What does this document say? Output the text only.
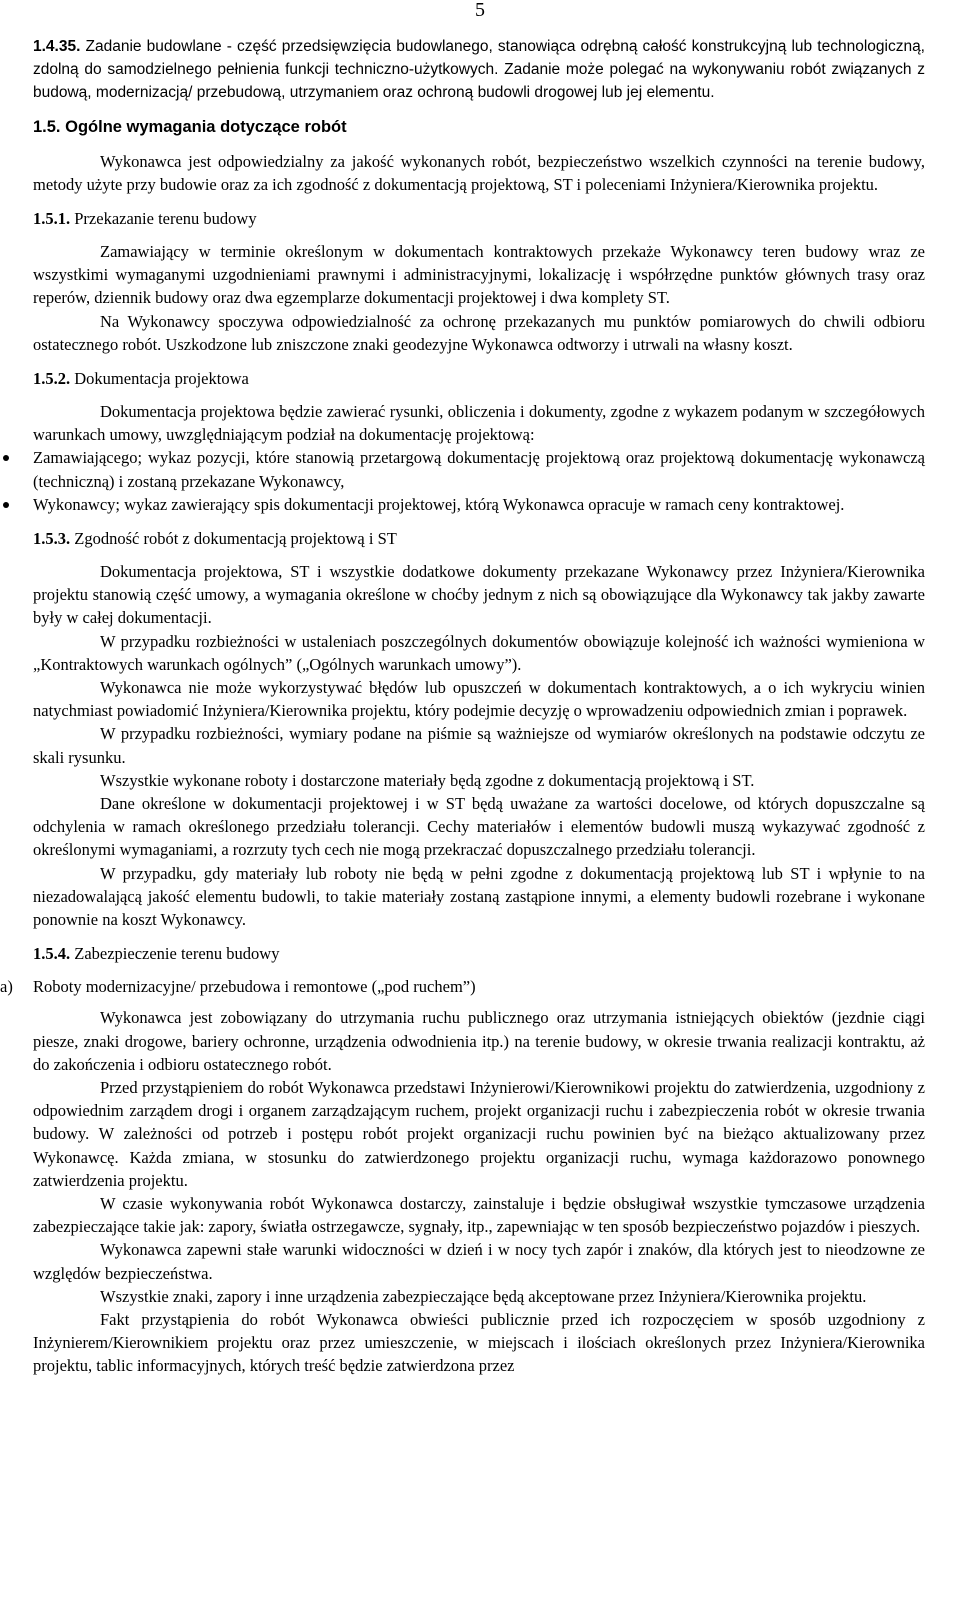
5

1.4.35. Zadanie budowlane - część przedsięwzięcia budowlanego, stanowiąca odrębną całość konstrukcyjną lub technologiczną, zdolną do samodzielnego pełnienia funkcji techniczno-użytkowych. Zadanie może polegać na wykonywaniu robót związanych z budową, modernizacją/ przebudową, utrzymaniem oraz ochroną budowli drogowej lub jej elementu.

1.5. Ogólne wymagania dotyczące robót

Wykonawca jest odpowiedzialny za jakość wykonanych robót, bezpieczeństwo wszelkich czynności na terenie budowy, metody użyte przy budowie oraz za ich zgodność z dokumentacją projektową, ST i poleceniami Inżyniera/Kierownika projektu.

1.5.1. Przekazanie terenu budowy

Zamawiający w terminie określonym w dokumentach kontraktowych przekaże Wykonawcy teren budowy wraz ze wszystkimi wymaganymi uzgodnieniami prawnymi i administracyjnymi, lokalizację i współrzędne punktów głównych trasy oraz reperów, dziennik budowy oraz dwa egzemplarze dokumentacji projektowej i dwa komplety ST.

Na Wykonawcy spoczywa odpowiedzialność za ochronę przekazanych mu punktów pomiarowych do chwili odbioru ostatecznego robót. Uszkodzone lub zniszczone znaki geodezyjne Wykonawca odtworzy i utrwali na własny koszt.

1.5.2. Dokumentacja projektowa

Dokumentacja projektowa będzie zawierać rysunki, obliczenia i dokumenty, zgodne z wykazem podanym w szczegółowych warunkach umowy, uwzględniającym podział na dokumentację projektową:

Zamawiającego; wykaz pozycji, które stanowią przetargową dokumentację projektową oraz projektową dokumentację wykonawczą (techniczną) i zostaną przekazane Wykonawcy,
Wykonawcy; wykaz zawierający spis dokumentacji projektowej, którą Wykonawca opracuje w ramach ceny kontraktowej.
1.5.3. Zgodność robót z dokumentacją projektową i ST

Dokumentacja projektowa, ST i wszystkie dodatkowe dokumenty przekazane Wykonawcy przez Inżyniera/Kierownika projektu stanowią część umowy, a wymagania określone w choćby jednym z nich są obowiązujące dla Wykonawcy tak jakby zawarte były w całej dokumentacji.

W przypadku rozbieżności w ustaleniach poszczególnych dokumentów obowiązuje kolejność ich ważności wymieniona w „Kontraktowych warunkach ogólnych” („Ogólnych warunkach umowy”).

Wykonawca nie może wykorzystywać błędów lub opuszczeń w dokumentach kontraktowych, a o ich wykryciu winien natychmiast powiadomić Inżyniera/Kierownika projektu, który podejmie decyzję o wprowadzeniu odpowiednich zmian i poprawek.

W przypadku rozbieżności, wymiary podane na piśmie są ważniejsze od wymiarów określonych na podstawie odczytu ze skali rysunku.

Wszystkie wykonane roboty i dostarczone materiały będą zgodne z dokumentacją projektową i ST.

Dane określone w dokumentacji projektowej i w ST będą uważane za wartości docelowe, od których dopuszczalne są odchylenia w ramach określonego przedziału tolerancji. Cechy materiałów i elementów budowli muszą wykazywać zgodność z określonymi wymaganiami, a rozrzuty tych cech nie mogą przekraczać dopuszczalnego przedziału tolerancji.

W przypadku, gdy materiały lub roboty nie będą w pełni zgodne z dokumentacją projektową lub ST i wpłynie to na niezadowalającą jakość elementu budowli, to takie materiały zostaną zastąpione innymi, a elementy budowli rozebrane i wykonane ponownie na koszt Wykonawcy.

1.5.4. Zabezpieczenie terenu budowy
a) Roboty modernizacyjne/ przebudowa i remontowe („pod ruchem”)

Wykonawca jest zobowiązany do utrzymania ruchu publicznego oraz utrzymania istniejących obiektów (jezdnie ciągi piesze, znaki drogowe, bariery ochronne, urządzenia odwodnienia itp.) na terenie budowy, w okresie trwania realizacji kontraktu, aż do zakończenia i odbioru ostatecznego robót.

Przed przystąpieniem do robót Wykonawca przedstawi Inżynierowi/Kierownikowi projektu do zatwierdzenia, uzgodniony z odpowiednim zarządem drogi i organem zarządzającym ruchem, projekt organizacji ruchu i zabezpieczenia robót w okresie trwania budowy. W zależności od potrzeb i postępu robót projekt organizacji ruchu powinien być na bieżąco aktualizowany przez Wykonawcę. Każda zmiana, w stosunku do zatwierdzonego projektu organizacji ruchu, wymaga każdorazowo ponownego zatwierdzenia projektu.

W czasie wykonywania robót Wykonawca dostarczy, zainstaluje i będzie obsługiwał wszystkie tymczasowe urządzenia zabezpieczające takie jak: zapory, światła ostrzegawcze, sygnały, itp., zapewniając w ten sposób bezpieczeństwo pojazdów i pieszych.

Wykonawca zapewni stałe warunki widoczności w dzień i w nocy tych zapór i znaków, dla których jest to nieodzowne ze względów bezpieczeństwa.

Wszystkie znaki, zapory i inne urządzenia zabezpieczające będą akceptowane przez Inżyniera/Kierownika projektu.

Fakt przystąpienia do robót Wykonawca obwieści publicznie przed ich rozpoczęciem w sposób uzgodniony z Inżynierem/Kierownikiem projektu oraz przez umieszczenie, w miejscach i ilościach określonych przez Inżyniera/Kierownika projektu, tablic informacyjnych, których treść będzie zatwierdzona przez
